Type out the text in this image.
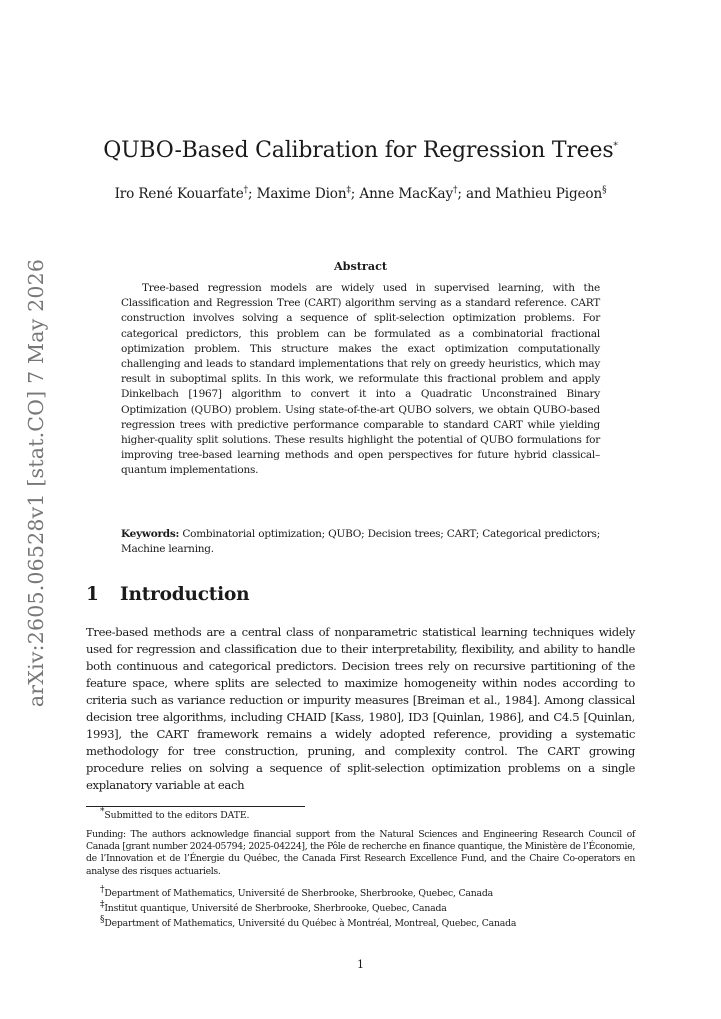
arXiv:2605.06528v1 [stat.CO] 7 May 2026
QUBO-Based Calibration for Regression Trees*
Iro René Kouarfate†; Maxime Dion‡; Anne MacKay†; and Mathieu Pigeon§
Abstract

Tree-based regression models are widely used in supervised learning, with the Classification and Regression Tree (CART) algorithm serving as a standard reference. CART construction involves solving a sequence of split-selection optimization problems. For categorical predictors, this problem can be formulated as a combinatorial fractional optimization problem. This structure makes the exact optimization computationally challenging and leads to standard implementations that rely on greedy heuristics, which may result in suboptimal splits. In this work, we reformulate this fractional problem and apply Dinkelbach [1967] algorithm to convert it into a Quadratic Unconstrained Binary Optimization (QUBO) problem. Using state-of-the-art QUBO solvers, we obtain QUBO-based regression trees with predictive performance comparable to standard CART while yielding higher-quality split solutions. These results highlight the potential of QUBO formulations for improving tree-based learning methods and open perspectives for future hybrid classical–quantum implementations.

Keywords: Combinatorial optimization; QUBO; Decision trees; CART; Categorical predictors; Machine learning.

1 Introduction

Tree-based methods are a central class of nonparametric statistical learning techniques widely used for regression and classification due to their interpretability, flexibility, and ability to handle both continuous and categorical predictors. Decision trees rely on recursive partitioning of the feature space, where splits are selected to maximize homogeneity within nodes according to criteria such as variance reduction or impurity measures [Breiman et al., 1984]. Among classical decision tree algorithms, including CHAID [Kass, 1980], ID3 [Quinlan, 1986], and C4.5 [Quinlan, 1993], the CART framework remains a widely adopted reference, providing a systematic methodology for tree construction, pruning, and complexity control. The CART growing procedure relies on solving a sequence of split-selection optimization problems on a single explanatory variable at each

*Submitted to the editors DATE.

Funding: The authors acknowledge financial support from the Natural Sciences and Engineering Research Council of Canada [grant number 2024-05794; 2025-04224], the Pôle de recherche en finance quantique, the Ministère de l’Économie, de l’Innovation et de l’Énergie du Québec, the Canada First Research Excellence Fund, and the Chaire Co-operators en analyse des risques actuariels.

†Department of Mathematics, Université de Sherbrooke, Sherbrooke, Quebec, Canada
‡Institut quantique, Université de Sherbrooke, Sherbrooke, Quebec, Canada
§Department of Mathematics, Université du Québec à Montréal, Montreal, Quebec, Canada
1
